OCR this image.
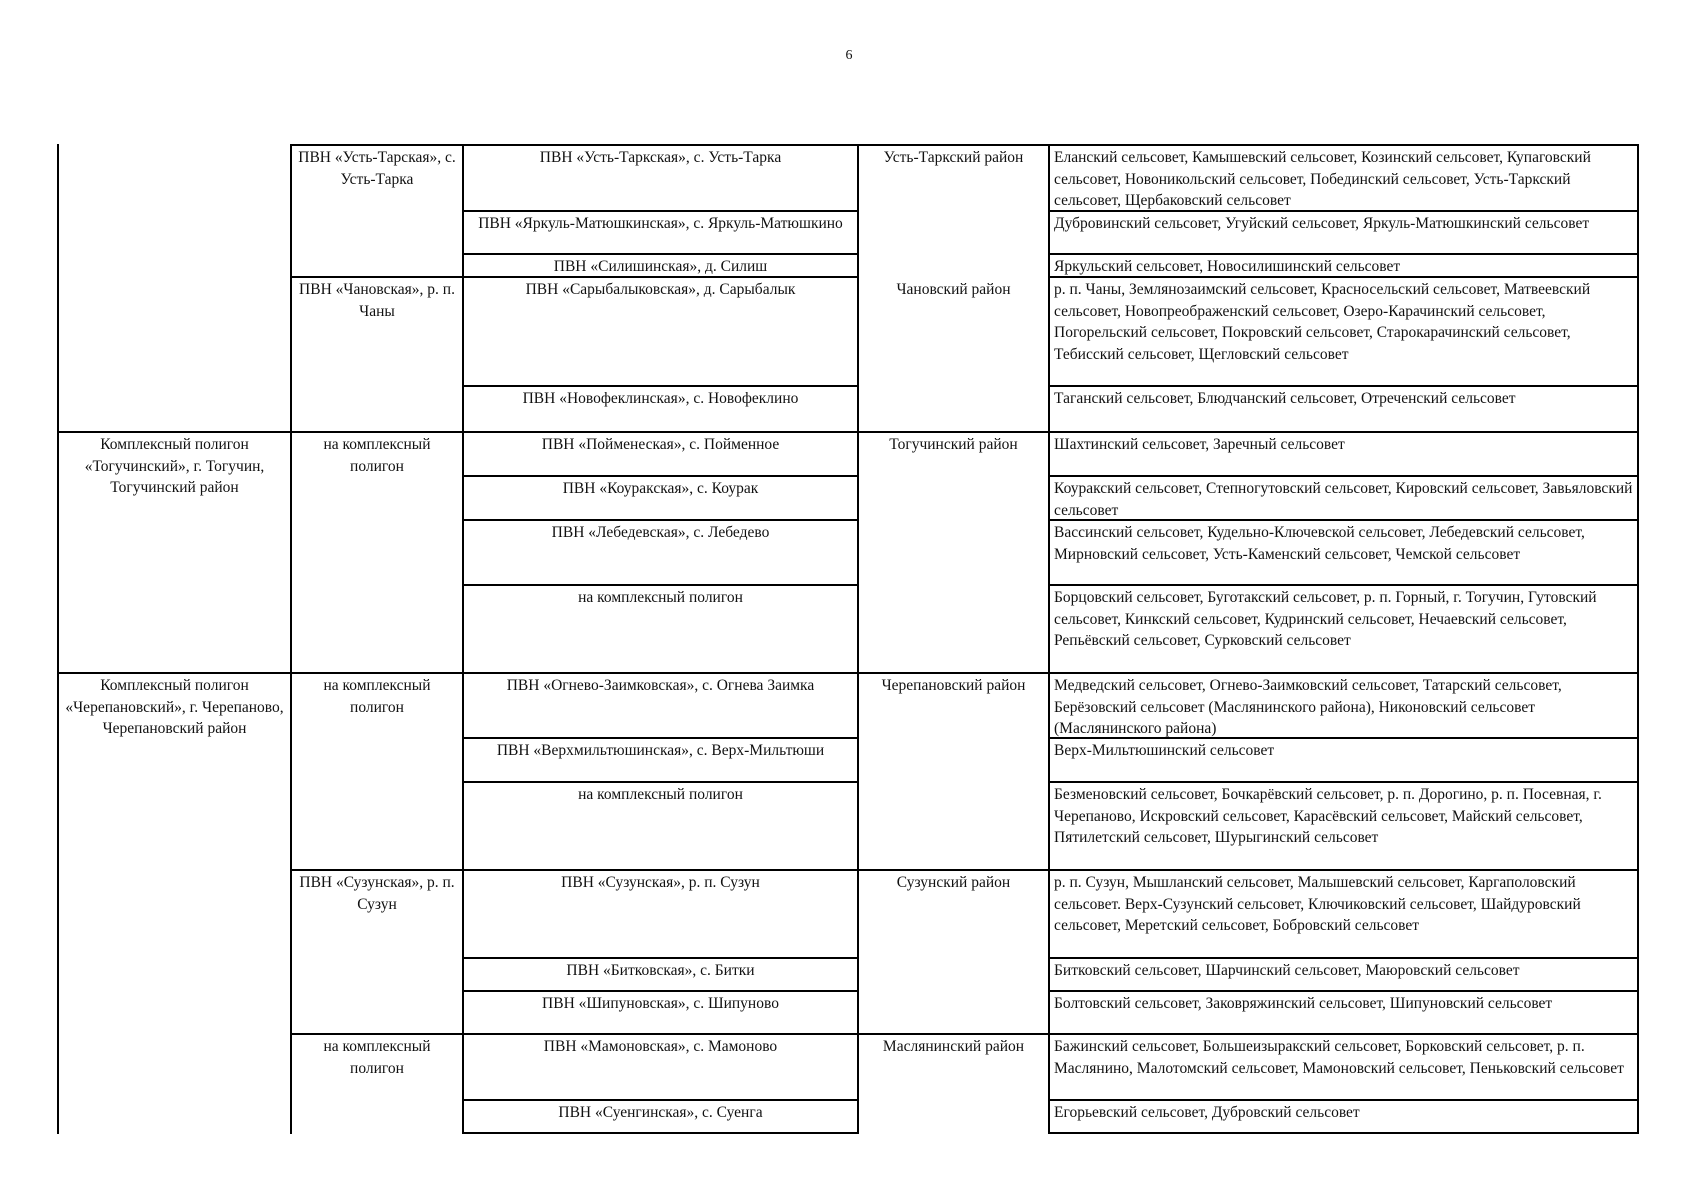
6
Комплексный полигон «Тогучинский», г. Тогучин, Тогучинский район
Комплексный полигон «Черепановский», г. Черепаново, Черепановский район
ПВН «Усть-Тарская», с. Усть-Тарка
ПВН «Чановская», р. п. Чаны
на комплексный полигон
на комплексный полигон
ПВН «Сузунская», р. п. Сузун
на комплексный полигон
ПВН «Усть-Таркская», с. Усть-Тарка
ПВН «Яркуль-Матюшкинская», с. Яркуль-Матюшкино
ПВН «Силишинская», д. Силиш
ПВН «Сарыбалыковская», д. Сарыбалык
ПВН «Новофеклинская», с. Новофеклино
ПВН «Пойменеская», с. Пойменное
ПВН «Коуракская», с. Коурак
ПВН «Лебедевская», с. Лебедево
на комплексный полигон
ПВН «Огнево-Заимковская», с. Огнева Заимка
ПВН «Верхмильтюшинская», с. Верх-Мильтюши
на комплексный полигон
ПВН «Сузунская», р. п. Сузун
ПВН «Битковская», с. Битки
ПВН «Шипуновская», с. Шипуново
ПВН «Мамоновская», с. Мамоново
ПВН «Суенгинская», с. Суенга
Усть-Таркский район
Чановский район
Тогучинский район
Черепановский район
Сузунский район
Маслянинский район
Еланский сельсовет, Камышевский сельсовет, Козинский сельсовет, Купаговский сельсовет, Новоникольский сельсовет, Побединский сельсовет, Усть-Таркский сельсовет, Щербаковский сельсовет
Дубровинский сельсовет, Угуйский сельсовет, Яркуль-Матюшкинский сельсовет
Яркульский сельсовет, Новосилишинский сельсовет
р. п. Чаны, Землянозаимский сельсовет, Красносельский сельсовет, Матвеевский сельсовет, Новопреображенский сельсовет, Озеро-Карачинский сельсовет, Погорельский сельсовет, Покровский сельсовет, Старокарачинский сельсовет, Тебисский сельсовет, Щегловский сельсовет
Таганский сельсовет, Блюдчанский сельсовет, Отреченский сельсовет
Шахтинский сельсовет, Заречный сельсовет
Коуракский сельсовет, Степногутовский сельсовет, Кировский сельсовет, Завьяловский сельсовет
Вассинский сельсовет, Кудельно-Ключевской сельсовет, Лебедевский сельсовет, Мирновский сельсовет, Усть-Каменский сельсовет, Чемской сельсовет
Борцовский сельсовет, Буготакский сельсовет, р. п. Горный, г. Тогучин, Гутовский сельсовет, Кинкский сельсовет, Кудринский сельсовет, Нечаевский сельсовет, Репьёвский сельсовет, Сурковский сельсовет
Медведский сельсовет, Огнево-Заимковский сельсовет, Татарский сельсовет, Берёзовский сельсовет (Маслянинского района), Никоновский сельсовет (Маслянинского района)
Верх-Мильтюшинский сельсовет
Безменовский сельсовет, Бочкарёвский сельсовет, р. п. Дорогино, р. п. Посевная, г. Черепаново, Искровский сельсовет, Карасёвский сельсовет, Майский сельсовет, Пятилетский сельсовет, Шурыгинский сельсовет
р. п. Сузун, Мышланский сельсовет, Малышевский сельсовет, Каргаполовский сельсовет. Верх-Сузунский сельсовет, Ключиковский сельсовет, Шайдуровский сельсовет, Меретский сельсовет, Бобровский сельсовет
Битковский сельсовет, Шарчинский сельсовет, Маюровский сельсовет
Болтовский сельсовет, Заковряжинский сельсовет, Шипуновский сельсовет
Бажинский сельсовет, Большеизыракский сельсовет, Борковский сельсовет, р. п. Маслянино, Малотомский сельсовет, Мамоновский сельсовет, Пеньковский сельсовет
Егорьевский сельсовет, Дубровский сельсовет
